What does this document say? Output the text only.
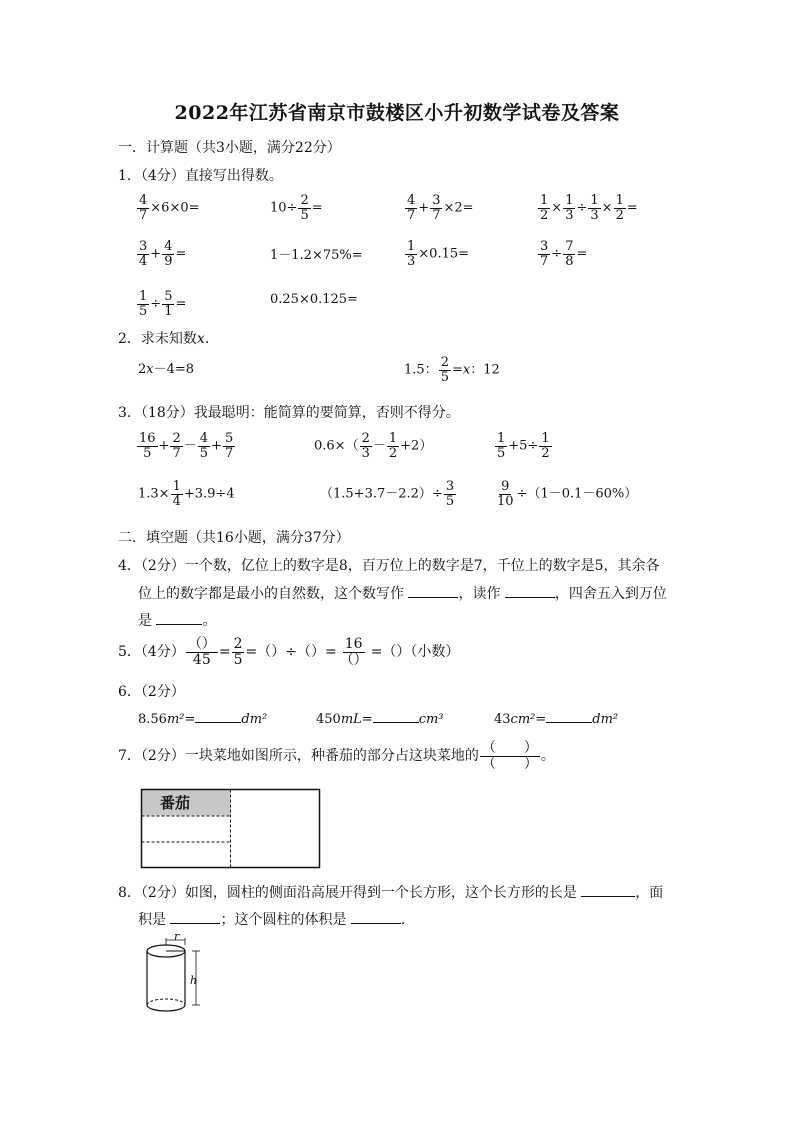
2022年江苏省南京市鼓楼区小升初数学试卷及答案
一．计算题（共3小题，满分22分）
1．（4分）直接写出得数。
$\frac{4}{7} \times 6\times 0=$	$10\div \frac{2}{5}$ =	$\frac{4}{7} + \frac{3}{7} \times 2=$	$\frac{1}{2} \times \frac{1}{3} \div \frac{1}{3} \times \frac{1}{2}$ =
$\frac{3}{4} + \frac{4}{9}$ =	1－1.2×75%=	$\frac{1}{3} \times 0.15=$	$\frac{3}{7} \div \frac{7}{8}$ =
$\frac{1}{5} \div \frac{5}{1}$ =	0.25×0.125=
2．求未知数x.
2x－4=8	1.5： $\frac{2}{5} =x$：12
3．（18分）我最聪明：能简算的要简算，否则不得分。
$\frac{16}{5} + \frac{2}{7} - \frac{4}{5} + \frac{5}{7}$	$0.6\times( \frac{2}{3} - \frac{1}{2} +2)$	$\frac{1}{5} +5\div \frac{1}{2}$
$1.3\times \frac{1}{4} +3.9\div 4$	$(1.5+3.7-2.2)\div \frac{3}{5}$	$\frac{9}{10} \div(1-0.1-60\%)$
二．填空题（共16小题，满分37分）
4．（2分）一个数，亿位上的数字是8，百万位上的数字是7，千位上的数字是5，其余各
位上的数字都是最小的自然数，这个数写作	，读作	，四舍五入到万位
是	。
5．（4分） $\frac{()}{45} = \frac{2}{5}$ =（）÷（）= $\frac{16}{()}$ =（）（小数）
6．（2分）
8.56m²=	dm²	450mL=	cm³	43cm²=	dm²
7．（2分）一块菜地如图所示，种番茄的部分占这块菜地的 $\frac{( )}{( )}$ 。
番茄
8．（2分）如图，圆柱的侧面沿高展开得到一个长方形，这个长方形的长是	，面
积是	；这个圆柱的体积是	.
r
h
